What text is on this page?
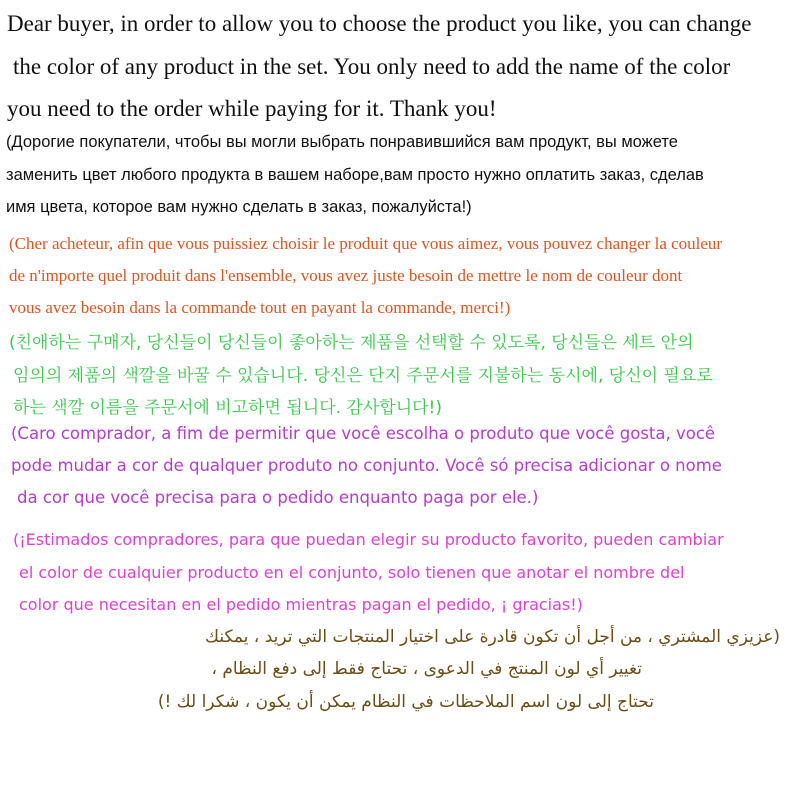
Dear buyer, in order to allow you to choose the product you like, you can change

the color of any product in the set. You only need to add the name of the color

you need to the order while paying for it. Thank you!

(Дорогие покупатели, чтобы вы могли выбрать понравившийся вам продукт, вы можете

заменить цвет любого продукта в вашем наборе,вам просто нужно оплатить заказ, сделав

имя цвета, которое вам нужно сделать в заказ, пожалуйста!)

(Cher acheteur, afin que vous puissiez choisir le produit que vous aimez, vous pouvez changer la couleur

de n'importe quel produit dans l'ensemble, vous avez juste besoin de mettre le nom de couleur dont

vous avez besoin dans la commande tout en payant la commande, merci!)

(친애하는 구매자, 당신들이 당신들이 좋아하는 제품을 선택할 수 있도록, 당신들은 세트 안의

임의의 제품의 색깔을 바꿀 수 있습니다. 당신은 단지 주문서를 지불하는 동시에, 당신이 필요로

하는 색깔 이름을 주문서에 비고하면 됩니다. 감사합니다!)

(Caro comprador, a fim de permitir que você escolha o produto que você gosta, você

pode mudar a cor de qualquer produto no conjunto. Você só precisa adicionar o nome

da cor que você precisa para o pedido enquanto paga por ele.)

(¡Estimados compradores, para que puedan elegir su producto favorito, pueden cambiar

el color de cualquier producto en el conjunto, solo tienen que anotar el nombre del

color que necesitan en el pedido mientras pagan el pedido, ¡ gracias!)

(عزيزي المشتري ، من أجل أن تكون قادرة على اختيار المنتجات التي تريد ، يمكنك

تغيير أي لون المنتج في الدعوى ، تحتاج فقط إلى دفع النظام ،

تحتاج إلى لون اسم الملاحظات في النظام يمكن أن يكون ، شكرا لك !)
